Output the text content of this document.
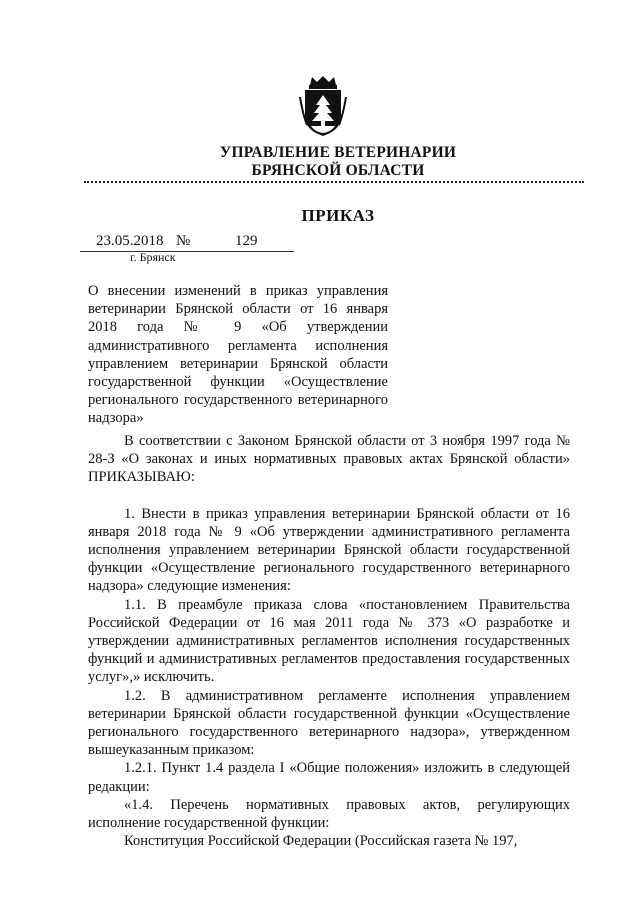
УПРАВЛЕНИЕ ВЕТЕРИНАРИИ
БРЯНСКОЙ ОБЛАСТИ
ПРИКАЗ
23.05.2018 №	129
г. Брянск
О внесении изменений в приказ управления ветеринарии Брянской области от 16 января 2018 года № 9 «Об утверждении административного регламента исполнения управлением ветеринарии Брянской области государственной функции «Осуществление регионального государственного ветеринарного надзора»

В соответствии с Законом Брянской области от 3 ноября 1997 года № 28-З «О законах и иных нормативных правовых актах Брянской области» ПРИКАЗЫВАЮ:

1. Внести в приказ управления ветеринарии Брянской области от 16 января 2018 года № 9 «Об утверждении административного регламента исполнения управлением ветеринарии Брянской области государственной функции «Осуществление регионального государственного ветеринарного надзора» следующие изменения:

1.1. В преамбуле приказа слова «постановлением Правительства Российской Федерации от 16 мая 2011 года № 373 «О разработке и утверждении административных регламентов исполнения государственных функций и административных регламентов предоставления государственных услуг»,» исключить.

1.2. В административном регламенте исполнения управлением ветеринарии Брянской области государственной функции «Осуществление регионального государственного ветеринарного надзора», утвержденном вышеуказанным приказом:

1.2.1. Пункт 1.4 раздела I «Общие положения» изложить в следующей редакции:

«1.4. Перечень нормативных правовых актов, регулирующих исполнение государственной функции:

Конституция Российской Федерации (Российская газета № 197,
